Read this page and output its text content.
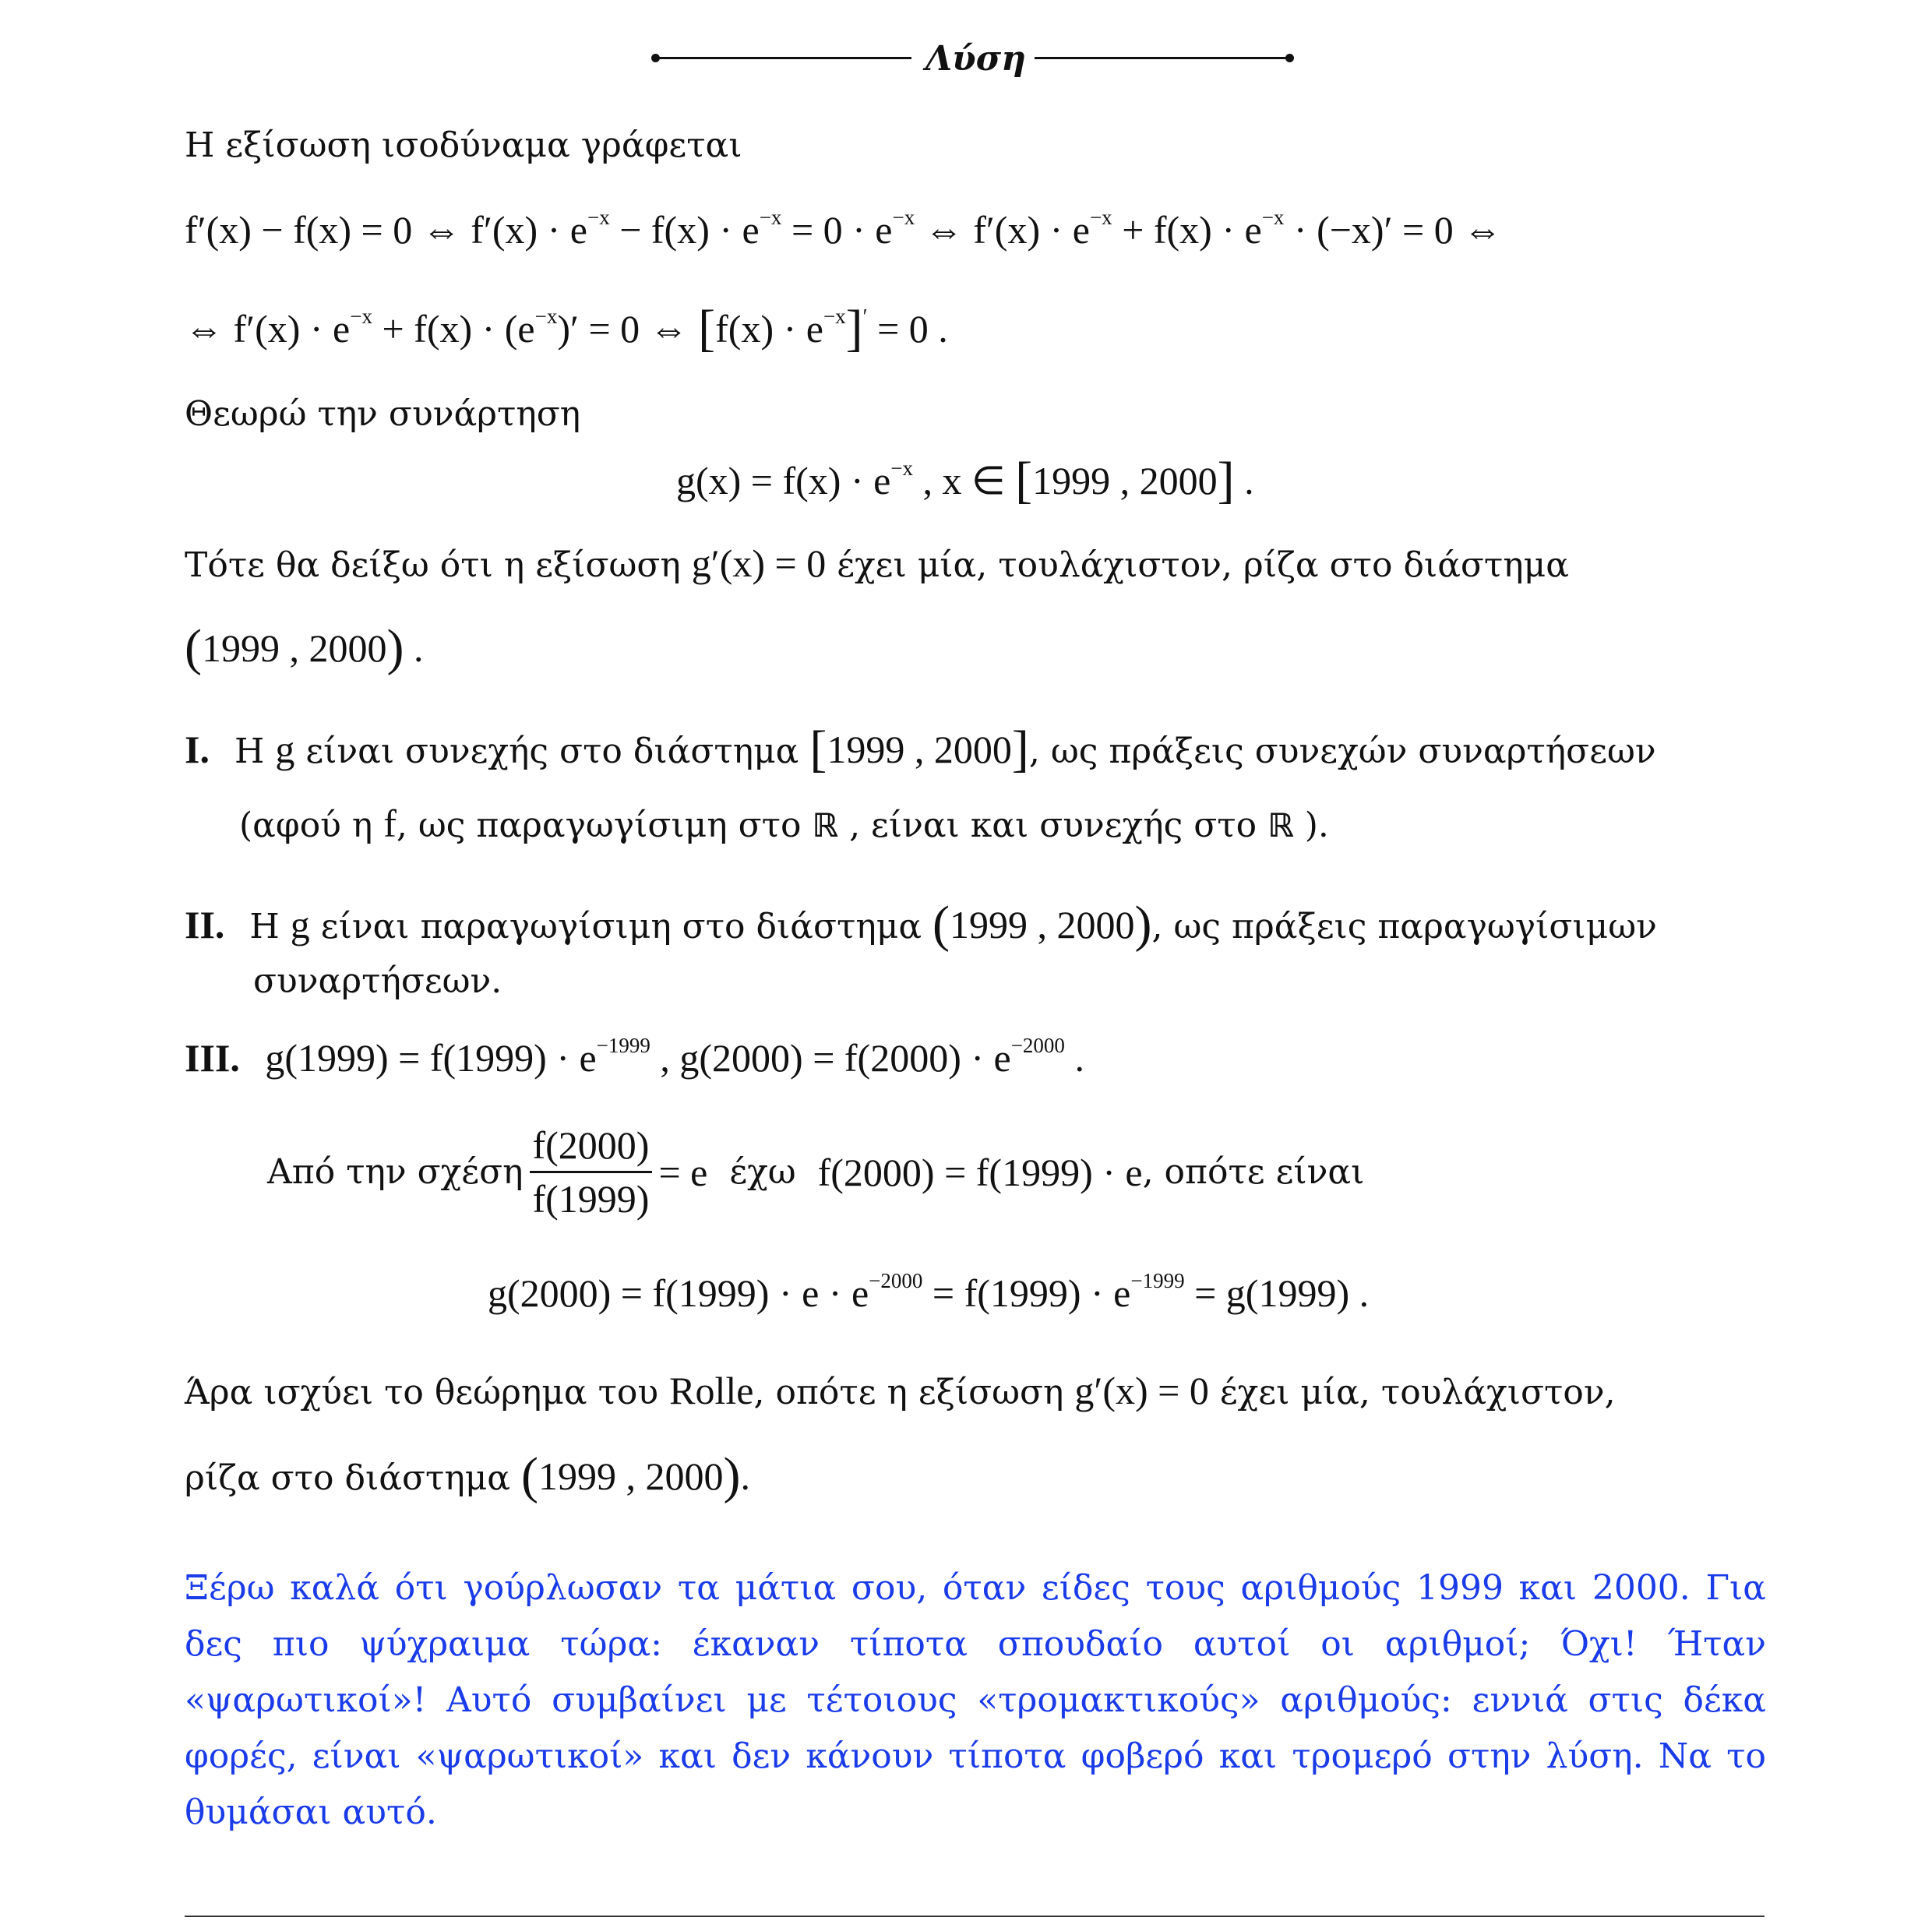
Λύση
Η εξίσωση ισοδύναμα γράφεται
f′(x) − f(x) = 0 ⇔ $f'(x) \cdot e^{-x} - f(x) \cdot e^{-x} = 0 \cdot e^{-x}$ ⇔ $f'(x) \cdot e^{-x} + f(x) \cdot e^{-x} \cdot (-x)' = 0$ ⇔
⇔ $f'(x) \cdot e^{-x} + f(x) \cdot (e^{-x})' = 0$ ⇔ $[f(x) \cdot e^{-x}]' = 0$ .
Θεωρώ την συνάρτηση
$g(x) = f(x) \cdot e^{-x}$ , x ∈ [1999 , 2000] .
Τότε θα δείξω ότι η εξίσωση g′(x) = 0 έχει μία, τουλάχιστον, ρίζα στο διάστημα
(1999 , 2000) .
I. Η g είναι συνεχής στο διάστημα [1999 , 2000], ως πράξεις συνεχών συναρτήσεων
(αφού η f, ως παραγωγίσιμη στο ℝ , είναι και συνεχής στο ℝ ).
II. Η g είναι παραγωγίσιμη στο διάστημα (1999 , 2000), ως πράξεις παραγωγίσιμων
συναρτήσεων.
III. $g(1999) = f(1999) \cdot e^{-1999}$ , $g(2000) = f(2000) \cdot e^{-2000}$ .
Από την σχέση $\frac{f(2000)}{f(1999)} = e$ έχω f(2000) = f(1999) · e , οπότε είναι
$g(2000) = f(1999) \cdot e \cdot e^{-2000} = f(1999) \cdot e^{-1999} = g(1999)$ .
Άρα ισχύει το θεώρημα του Rolle, οπότε η εξίσωση g′(x) = 0 έχει μία, τουλάχιστον,
ρίζα στο διάστημα (1999 , 2000).
Ξέρω καλά ότι γούρλωσαν τα μάτια σου, όταν είδες τους αριθμούς 1999 και 2000. Για δες πιο ψύχραιμα τώρα: έκαναν τίποτα σπουδαίο αυτοί οι αριθμοί; Όχι! Ήταν «ψαρωτικοί»! Αυτό συμβαίνει με τέτοιους «τρομακτικούς» αριθμούς: εννιά στις δέκα φορές, είναι «ψαρωτικοί» και δεν κάνουν τίποτα φοβερό και τρομερό στην λύση. Να το θυμάσαι αυτό.
